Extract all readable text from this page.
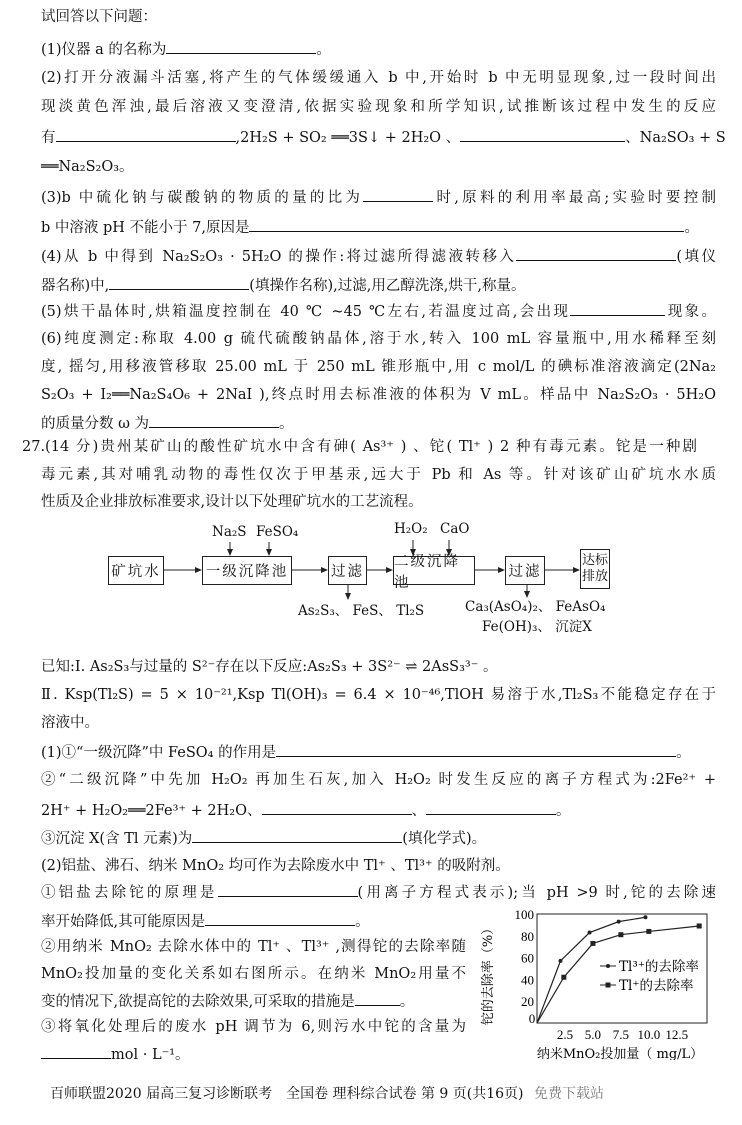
试回答以下问题：
(1)仪器 a 的名称为	。
(2)打开分液漏斗活塞,将产生的气体缓缓通入 b 中,开始时 b 中无明显现象,过一段时间出
现淡黄色浑浊,最后溶液又变澄清,依据实验现象和所学知识,试推断该过程中发生的反应
有	,2H₂S + SO₂ ══3S↓ + 2H₂O 、	、Na₂SO₃ + S
══Na₂S₂O₃。
(3)b 中硫化钠与碳酸钠的物质的量的比为	时,原料的利用率最高;实验时要控制
b 中溶液 pH 不能小于 7,原因是	。
(4)从 b 中得到 Na₂S₂O₃ · 5H₂O 的操作:将过滤所得滤液转移入	(填仪
器名称)中,	(填操作名称),过滤,用乙醇洗涤,烘干,称量。
(5)烘干晶体时,烘箱温度控制在 40 ℃ ~45 ℃左右,若温度过高,会出现	现象。
(6)纯度测定:称取 4.00 g 硫代硫酸钠晶体,溶于水,转入 100 mL 容量瓶中,用水稀释至刻
度, 摇匀,用移液管移取 25.00 mL 于 250 mL 锥形瓶中,用 c mol/L 的碘标准溶液滴定(2Na₂
S₂O₃ + I₂══Na₂S₄O₆ + 2NaI ),终点时用去标准液的体积为 V mL。样品中 Na₂S₂O₃ · 5H₂O
的质量分数 ω 为	。
27.(14 分)贵州某矿山的酸性矿坑水中含有砷( As³⁺ ) 、铊( Tl⁺ ) 2 种有毒元素。铊是一种剧
毒元素,其对哺乳动物的毒性仅次于甲基汞,远大于 Pb 和 As 等。针对该矿山矿坑水水质
性质及企业排放标准要求,设计以下处理矿坑水的工艺流程。
已知:Ⅰ. As₂S₃与过量的 S²⁻存在以下反应:As₂S₃ + 3S²⁻ ⇌ 2AsS₃³⁻ 。
Ⅱ. Ksp(Tl₂S) = 5 × 10⁻²¹,Ksp Tl(OH)₃ = 6.4 × 10⁻⁴⁶,TlOH 易溶于水,Tl₂S₃不能稳定存在于
溶液中。
(1)①“一级沉降”中 FeSO₄ 的作用是	。
②“二级沉降”中先加 H₂O₂ 再加生石灰,加入 H₂O₂ 时发生反应的离子方程式为:2Fe²⁺ +
2H⁺ + H₂O₂══2Fe³⁺ + 2H₂O、	、	。
③沉淀 X(含 Tl 元素)为	(填化学式)。
(2)铝盐、沸石、纳米 MnO₂ 均可作为去除废水中 Tl⁺ 、Tl³⁺ 的吸附剂。
①铝盐去除铊的原理是	(用离子方程式表示);当 pH >9 时,铊的去除速
率开始降低,其可能原因是	。
②用纳米 MnO₂ 去除水体中的 Tl⁺ 、Tl³⁺ ,测得铊的去除率随
MnO₂投加量的变化关系如右图所示。在纳米 MnO₂用量不
变的情况下,欲提高铊的去除效果,可采取的措施是	。
③将氧化处理后的废水 pH 调节为 6,则污水中铊的含量为
mol · L⁻¹。
矿坑水	一级沉降池	过滤
二级沉降池
过滤
达标排放
Na₂S FeSO₄	H₂O₂ CaO
As₂S₃、 FeS、 Tl₂S	Ca₃(AsO₄)₂、 FeAsO₄
Fe(OH)₃、 沉淀X
20
40
60
80
100
0
2.5 5.0 7.5 10.0 12.5
纳米MnO₂投加量（ mg/L）
铊的去除率（%）	Tl³⁺的去除率
Tl⁺的去除率
百师联盟2020 届高三复习诊断联考　全国卷 理科综合试卷 第 9 页(共16页) 免费下载站
